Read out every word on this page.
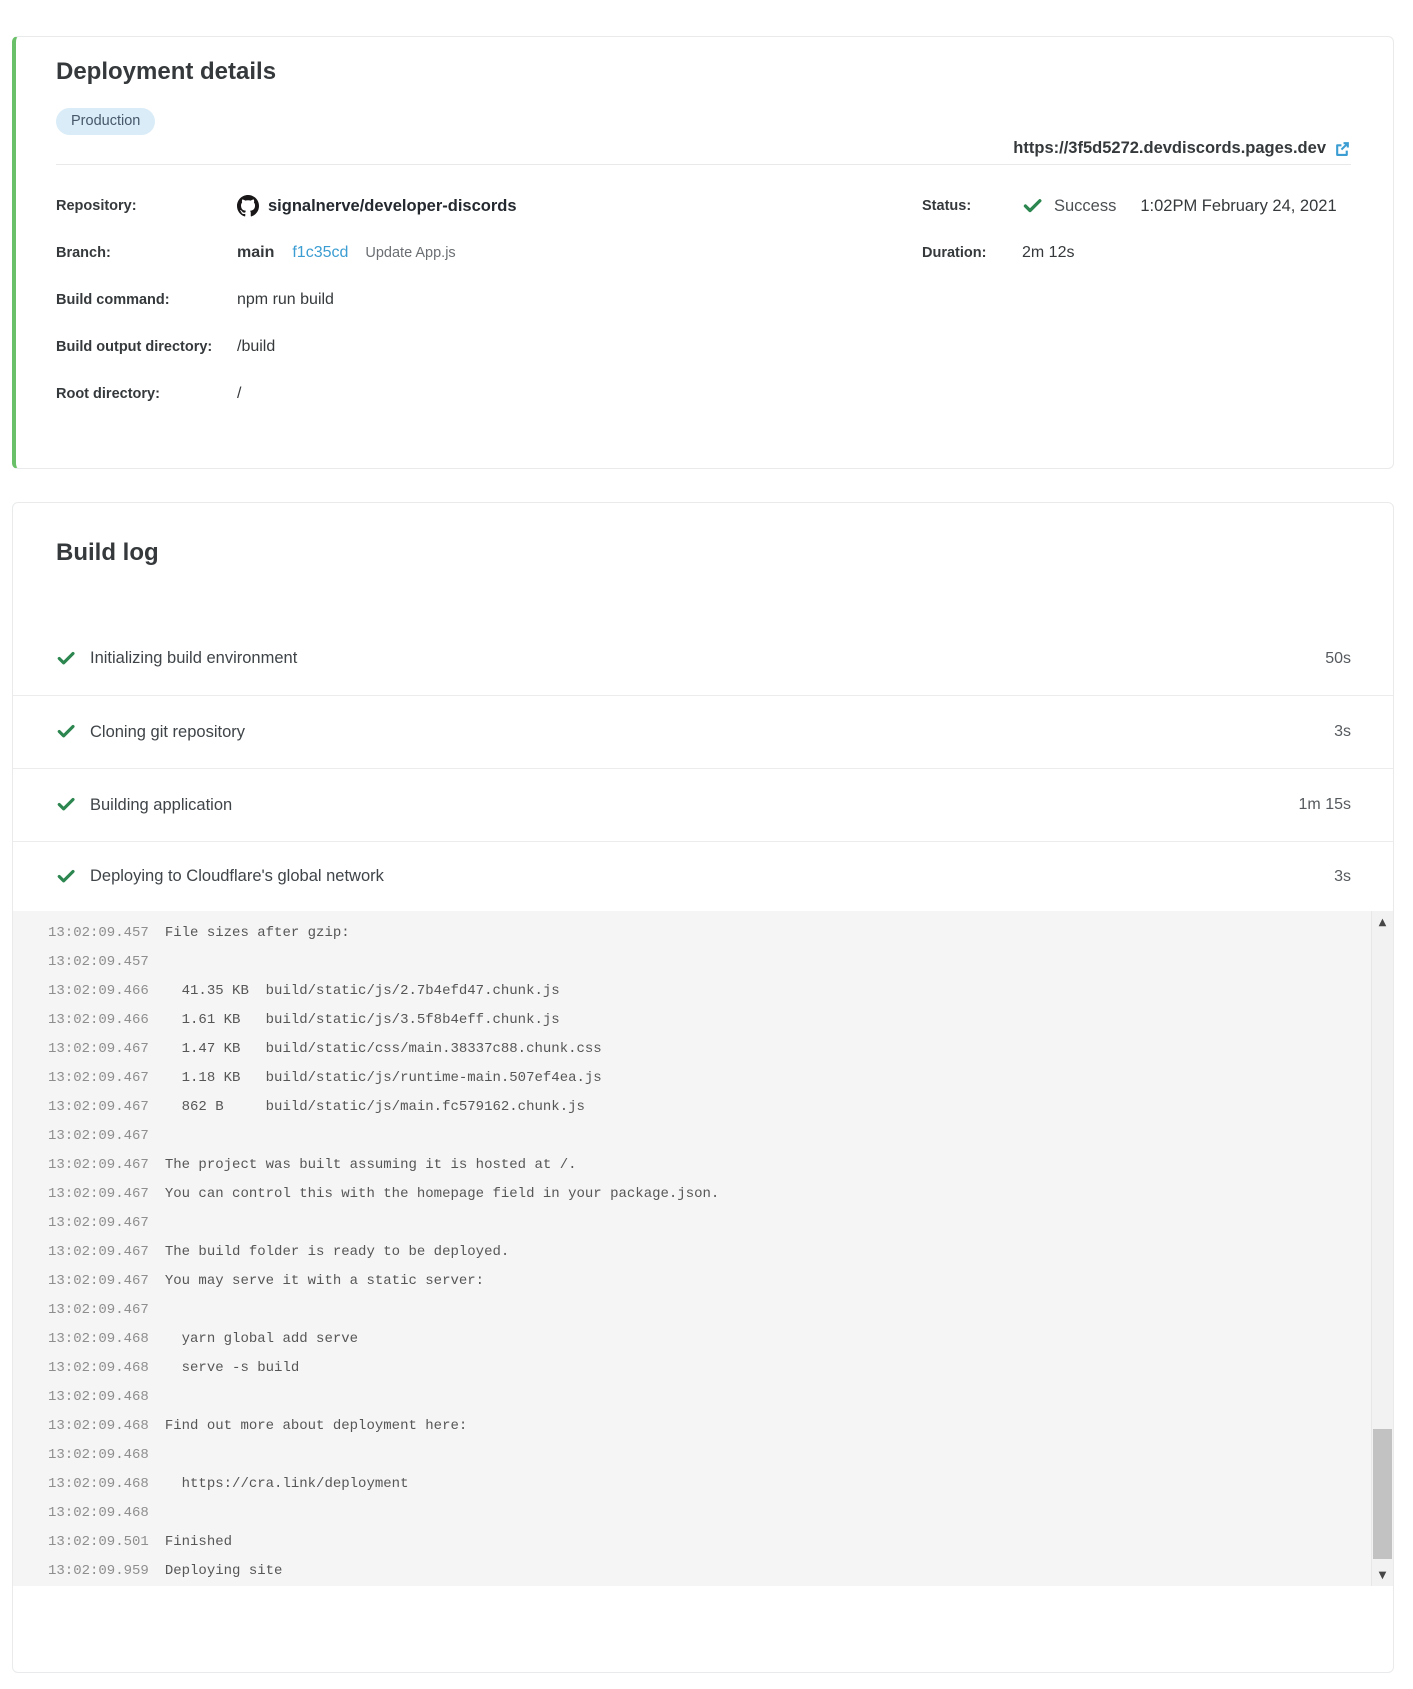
Deployment details
Production
https://3f5d5272.devdiscords.pages.dev
Repository:	signalnerve/developer-discords
Branch:	main f1c35cd Update App.js
Build command:	npm run build
Build output directory:	/build
Root directory:	/
Status:	Success 1:02PM February 24, 2021
Duration:	2m 12s
Build log
Initializing build environment	50s
Cloning git repository	3s
Building application	1m 15s
Deploying to Cloudflare's global network	3s
13:02:09.457 File sizes after gzip:
13:02:09.457
13:02:09.466  41.35 KB  build/static/js/2.7b4efd47.chunk.js
13:02:09.466  1.61 KB   build/static/js/3.5f8b4eff.chunk.js
13:02:09.467  1.47 KB   build/static/css/main.38337c88.chunk.css
13:02:09.467  1.18 KB   build/static/js/runtime-main.507ef4ea.js
13:02:09.467  862 B     build/static/js/main.fc579162.chunk.js
13:02:09.467
13:02:09.467 The project was built assuming it is hosted at /.
13:02:09.467 You can control this with the homepage field in your package.json.
13:02:09.467
13:02:09.467 The build folder is ready to be deployed.
13:02:09.467 You may serve it with a static server:
13:02:09.467
13:02:09.468  yarn global add serve
13:02:09.468  serve -s build
13:02:09.468
13:02:09.468 Find out more about deployment here:
13:02:09.468
13:02:09.468  https://cra.link/deployment
13:02:09.468
13:02:09.501 Finished
13:02:09.959 Deploying site
▲
▼
